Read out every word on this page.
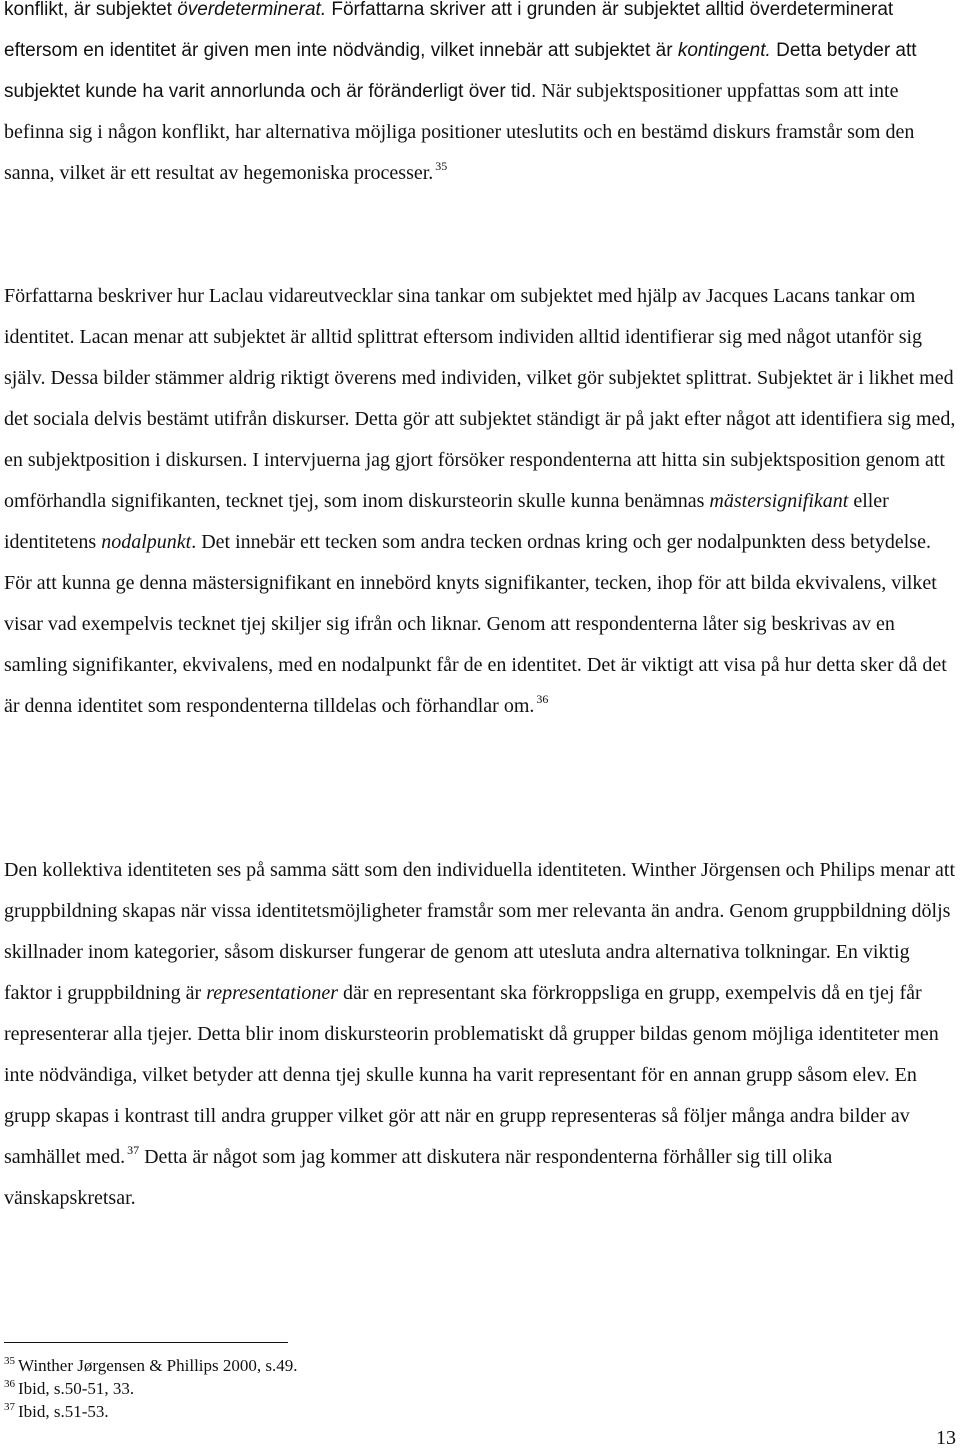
konflikt, är subjektet överdeterminerat. Författarna skriver att i grunden är subjektet alltid överdeterminerat eftersom en identitet är given men inte nödvändig, vilket innebär att subjektet är kontingent. Detta betyder att subjektet kunde ha varit annorlunda och är föränderligt över tid. När subjektspositioner uppfattas som att inte befinna sig i någon konflikt, har alternativa möjliga positioner uteslutits och en bestämd diskurs framstår som den sanna, vilket är ett resultat av hegemoniska processer. $^{35}$

Författarna beskriver hur Laclau vidareutvecklar sina tankar om subjektet med hjälp av Jacques Lacans tankar om identitet. Lacan menar att subjektet är alltid splittrat eftersom individen alltid identifierar sig med något utanför sig själv. Dessa bilder stämmer aldrig riktigt överens med individen, vilket gör subjektet splittrat. Subjektet är i likhet med det sociala delvis bestämt utifrån diskurser. Detta gör att subjektet ständigt är på jakt efter något att identifiera sig med, en subjektposition i diskursen. I intervjuerna jag gjort försöker respondenterna att hitta sin subjektsposition genom att omförhandla signifikanten, tecknet tjej, som inom diskursteorin skulle kunna benämnas mästersignifikant eller identitetens nodalpunkt. Det innebär ett tecken som andra tecken ordnas kring och ger nodalpunkten dess betydelse. För att kunna ge denna mästersignifikant en innebörd knyts signifikanter, tecken, ihop för att bilda ekvivalens, vilket visar vad exempelvis tecknet tjej skiljer sig ifrån och liknar. Genom att respondenterna låter sig beskrivas av en samling signifikanter, ekvivalens, med en nodalpunkt får de en identitet. Det är viktigt att visa på hur detta sker då det är denna identitet som respondenterna tilldelas och förhandlar om. $^{36}$

Den kollektiva identiteten ses på samma sätt som den individuella identiteten. Winther Jörgensen och Philips menar att gruppbildning skapas när vissa identitetsmöjligheter framstår som mer relevanta än andra. Genom gruppbildning döljs skillnader inom kategorier, såsom diskurser fungerar de genom att utesluta andra alternativa tolkningar. En viktig faktor i gruppbildning är representationer där en representant ska förkroppsliga en grupp, exempelvis då en tjej får representerar alla tjejer. Detta blir inom diskursteorin problematiskt då grupper bildas genom möjliga identiteter men inte nödvändiga, vilket betyder att denna tjej skulle kunna ha varit representant för en annan grupp såsom elev. En grupp skapas i kontrast till andra grupper vilket gör att när en grupp representeras så följer många andra bilder av samhället med. $^{37}$ Detta är något som jag kommer att diskutera när respondenterna förhåller sig till olika vänskapskretsar.

$^{35}$ Winther Jørgensen & Phillips 2000, s.49.

$^{36}$ Ibid, s.50-51, 33.

$^{37}$ Ibid, s.51-53.

13
